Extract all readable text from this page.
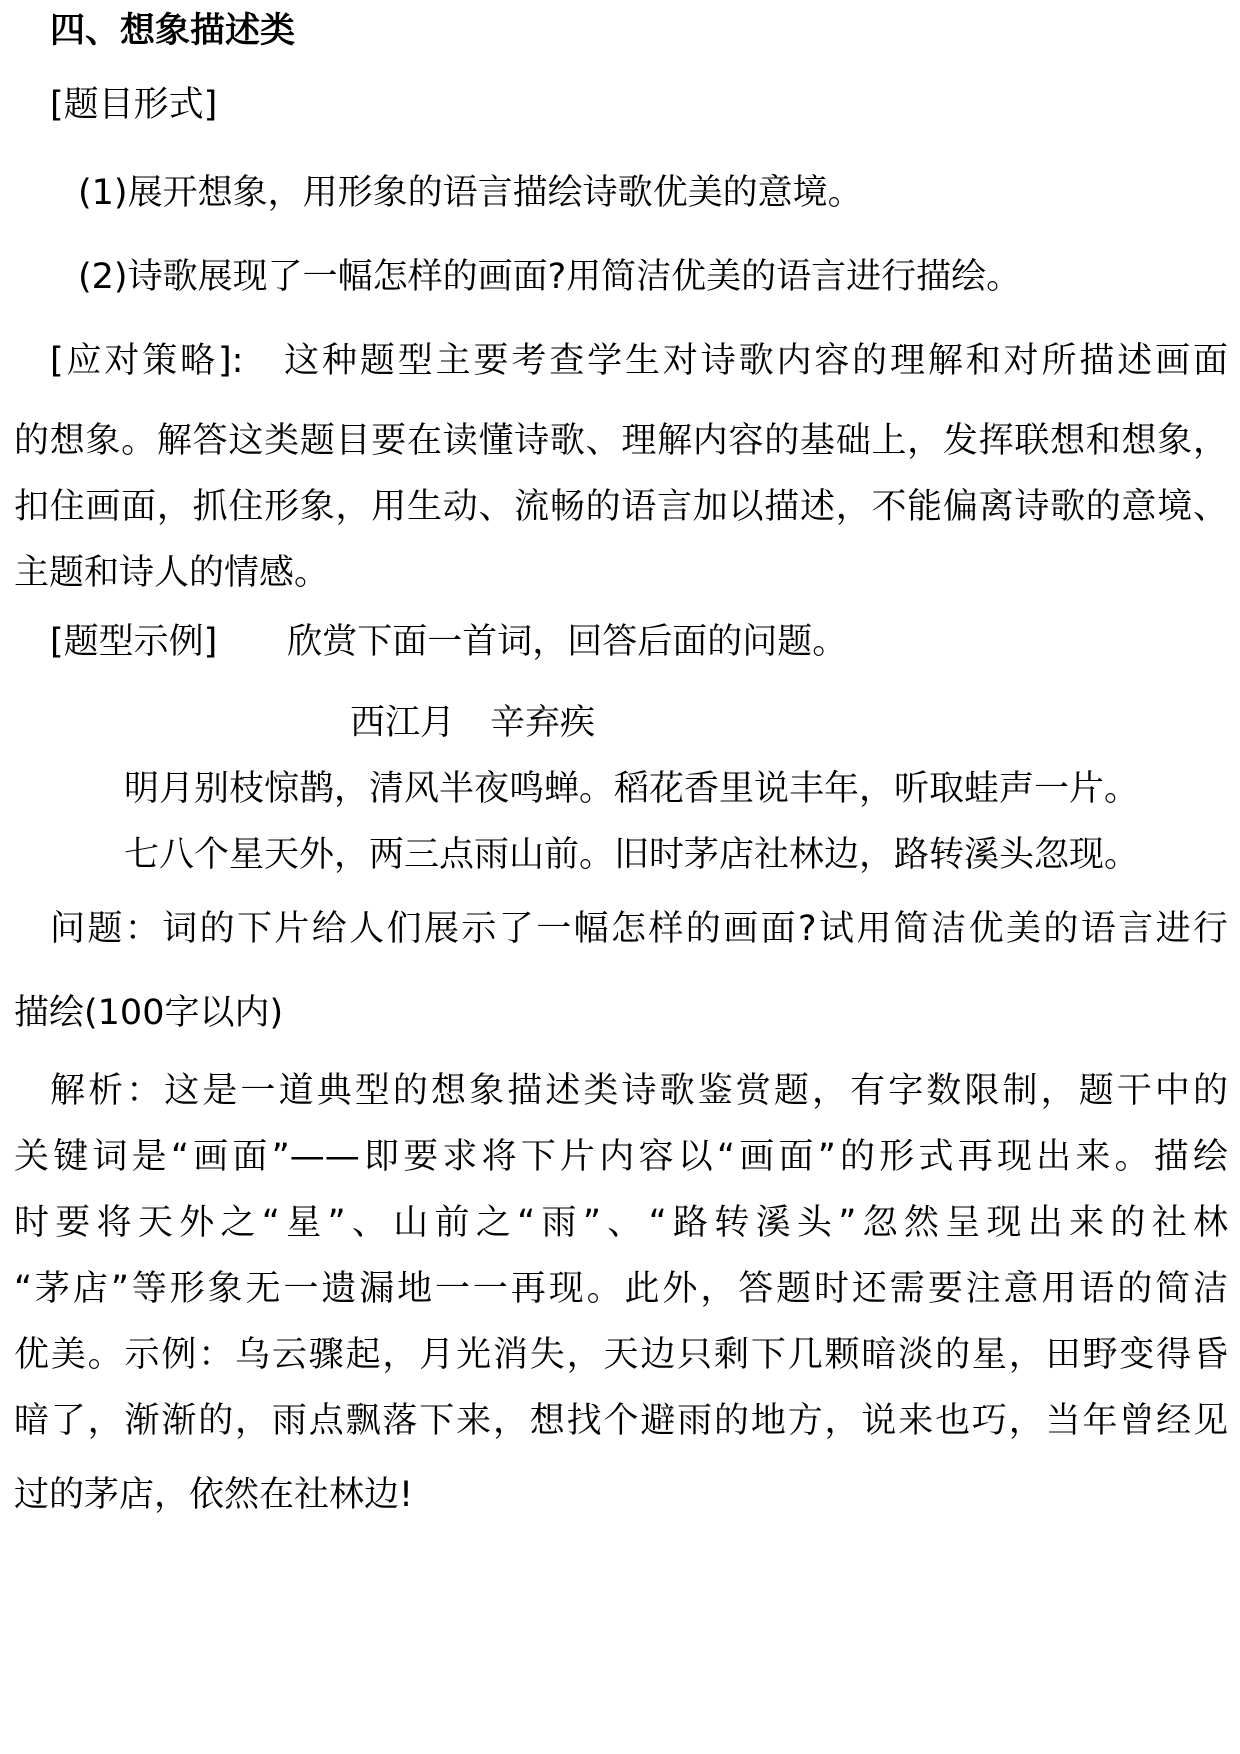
四、想象描述类
[题目形式]
(1)展开想象，用形象的语言描绘诗歌优美的意境。
(2)诗歌展现了一幅怎样的画面?用简洁优美的语言进行描绘。
[应对策略]:　这种题型主要考查学生对诗歌内容的理解和对所描述画面
的想象。解答这类题目要在读懂诗歌、理解内容的基础上，发挥联想和想象，
扣住画面，抓住形象，用生动、流畅的语言加以描述，不能偏离诗歌的意境、
主题和诗人的情感。
[题型示例]　　欣赏下面一首词，回答后面的问题。
西江月　辛弃疾
明月别枝惊鹊，清风半夜鸣蝉。稻花香里说丰年，听取蛙声一片。
七八个星天外，两三点雨山前。旧时茅店社林边，路转溪头忽现。
问题：词的下片给人们展示了一幅怎样的画面?试用简洁优美的语言进行
描绘(100字以内)
解析：这是一道典型的想象描述类诗歌鉴赏题，有字数限制，题干中的
关键词是“画面”——即要求将下片内容以“画面”的形式再现出来。描绘
时要将天外之“星”、山前之“雨”、“路转溪头”忽然呈现出来的社林
“茅店”等形象无一遗漏地一一再现。此外，答题时还需要注意用语的简洁
优美。示例：乌云骤起，月光消失，天边只剩下几颗暗淡的星，田野变得昏
暗了，渐渐的，雨点飘落下来，想找个避雨的地方，说来也巧，当年曾经见
过的茅店，依然在社林边!
